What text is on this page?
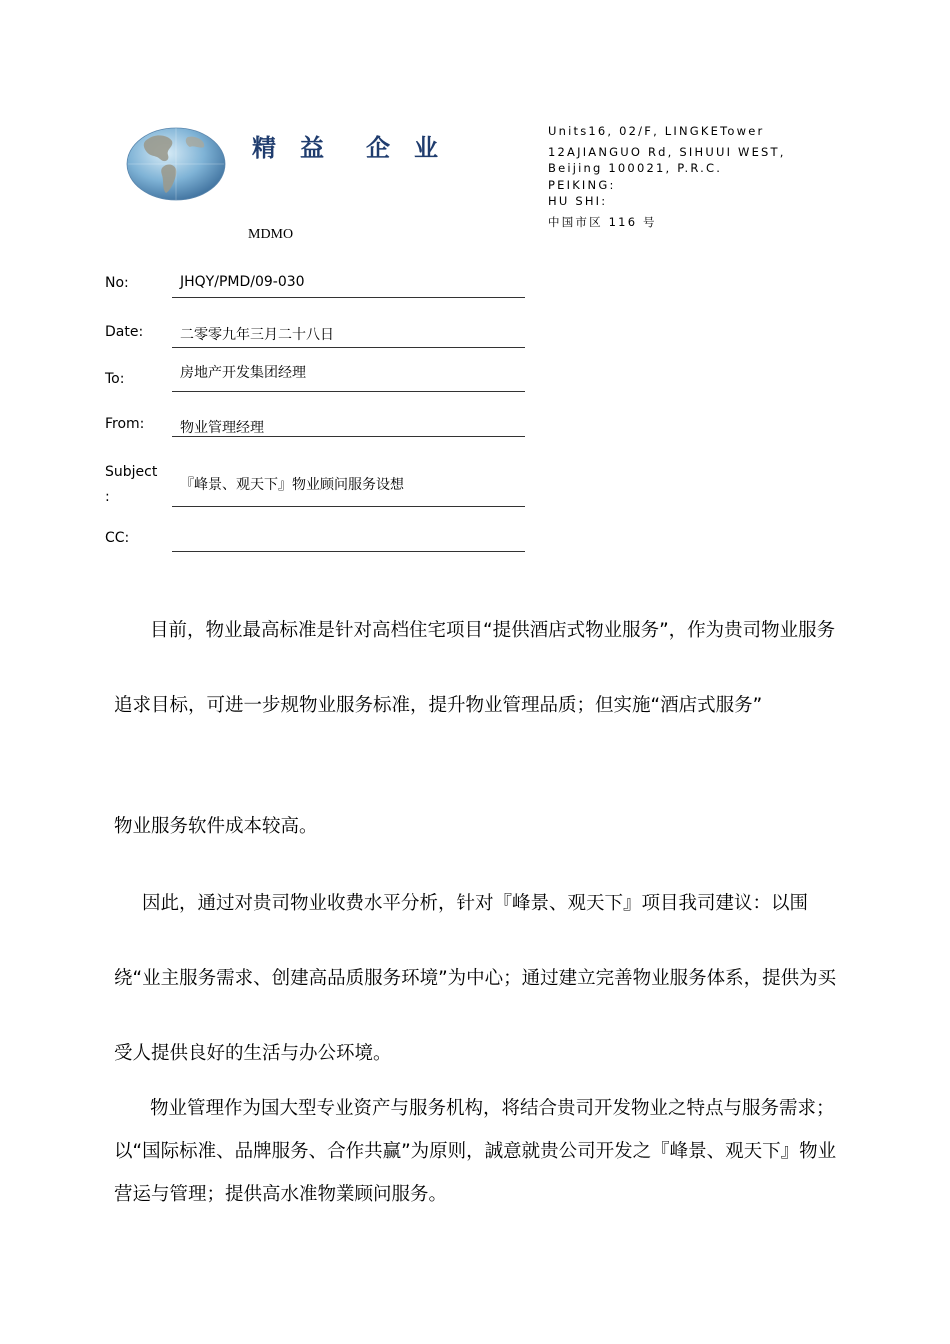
精 益 企 业
Units16, 02/F, LINGKETower
12AJIANGUO Rd, SIHUUI WEST,
Beijing 100021, P.R.C.
PEIKING:
HU SHI:
中国市区 116 号
MDMO
No:	JHQY/PMD/09-030
Date:	二零零九年三月二十八日
To:	房地产开发集团经理
From:	物业管理经理
Subject
:
『峰景、观天下』物业顾问服务设想
CC:
目前，物业最高标准是针对高档住宅项目“提供酒店式物业服务”，作为贵司物业服务追求目标，可进一步规物业服务标准，提升物业管理品质；但实施“酒店式服务”
物业服务软件成本较高。
因此，通过对贵司物业收费水平分析，针对『峰景、观天下』项目我司建议：以围绕“业主服务需求、创建高品质服务环境”为中心；通过建立完善物业服务体系，提供为买受人提供良好的生活与办公环境。
物业管理作为国大型专业资产与服务机构，将结合贵司开发物业之特点与服务需求；以“国际标准、品牌服务、合作共赢”为原则，誠意就贵公司开发之『峰景、观天下』物业营运与管理；提供高水准物業顾问服务。
